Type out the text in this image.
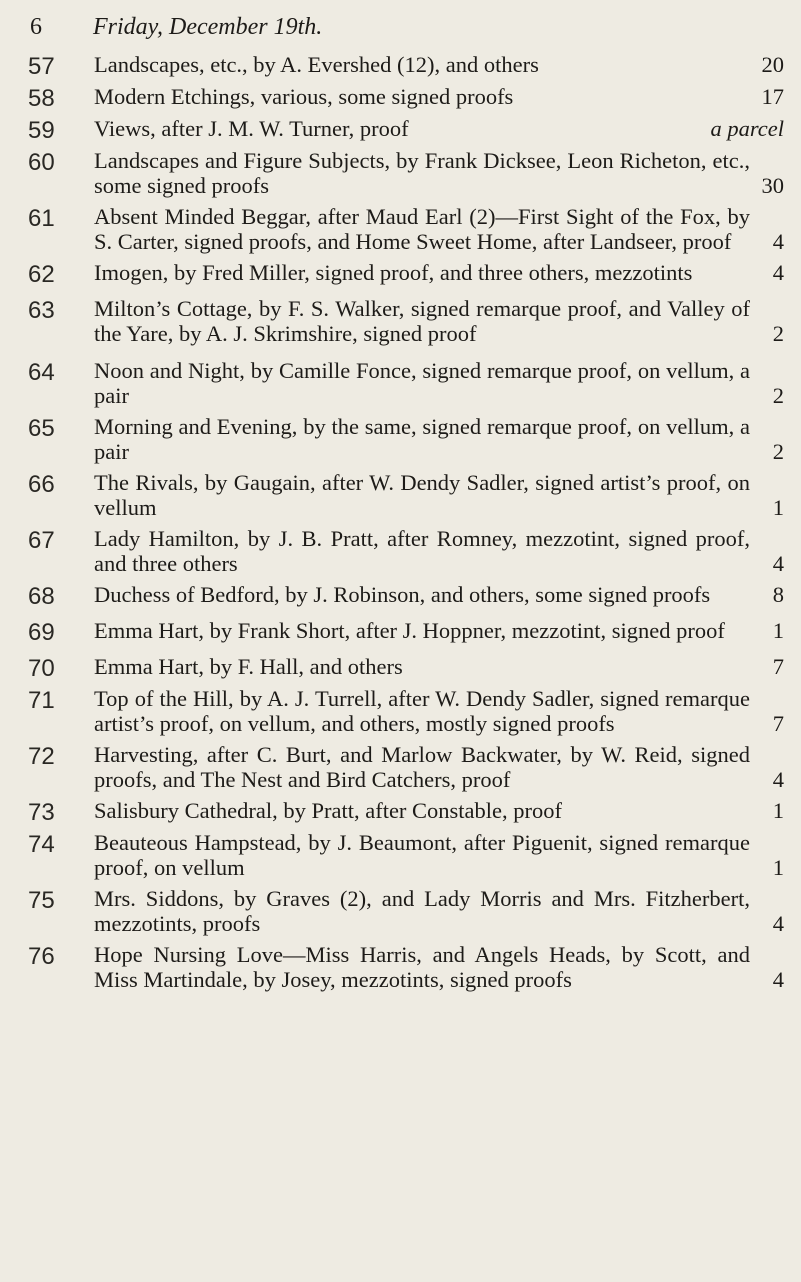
6 Friday, December 19th.
57	Landscapes, etc., by A. Evershed (12), and others	20
58	Modern Etchings, various, some signed proofs	17
59	Views, after J. M. W. Turner, proof	a parcel
60	Landscapes and Figure Subjects, by Frank Dicksee, Leon Richeton, etc., some signed proofs	30
61	Absent Minded Beggar, after Maud Earl (2)—First Sight of the Fox, by S. Carter, signed proofs, and Home Sweet Home, after Landseer, proof	4
62	Imogen, by Fred Miller, signed proof, and three others, mezzotints	4
63	Milton’s Cottage, by F. S. Walker, signed remarque proof, and Valley of the Yare, by A. J. Skrimshire, signed proof	2
64	Noon and Night, by Camille Fonce, signed remarque proof, on vellum, a pair	2
65	Morning and Evening, by the same, signed remarque proof, on vellum, a pair	2
66	The Rivals, by Gaugain, after W. Dendy Sadler, signed artist’s proof, on vellum	1
67	Lady Hamilton, by J. B. Pratt, after Romney, mezzotint, signed proof, and three others	4
68	Duchess of Bedford, by J. Robinson, and others, some signed proofs	8
69	Emma Hart, by Frank Short, after J. Hoppner, mezzotint, signed proof	1
70	Emma Hart, by F. Hall, and others	7
71	Top of the Hill, by A. J. Turrell, after W. Dendy Sadler, signed remarque artist’s proof, on vellum, and others, mostly signed proofs	7
72	Harvesting, after C. Burt, and Marlow Backwater, by W. Reid, signed proofs, and The Nest and Bird Catchers, proof	4
73	Salisbury Cathedral, by Pratt, after Constable, proof	1
74	Beauteous Hampstead, by J. Beaumont, after Piguenit, signed remarque proof, on vellum	1
75	Mrs. Siddons, by Graves (2), and Lady Morris and Mrs. Fitzherbert, mezzotints, proofs	4
76	Hope Nursing Love—Miss Harris, and Angels Heads, by Scott, and Miss Martindale, by Josey, mezzotints, signed proofs	4
